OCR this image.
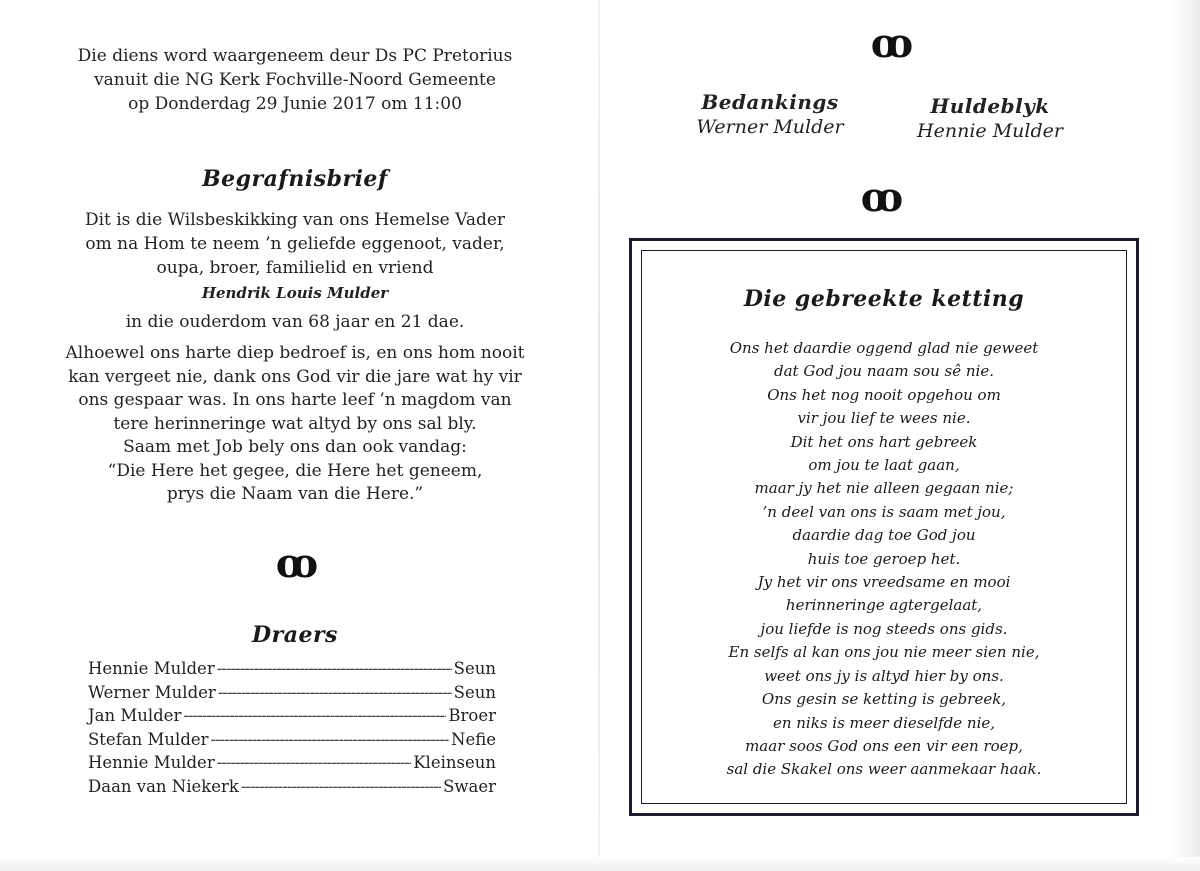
Die diens word waargeneem deur Ds PC Pretorius
vanuit die NG Kerk Fochville-Noord Gemeente
op Donderdag 29 Junie 2017 om 11:00
Begrafnisbrief
Dit is die Wilsbeskikking van ons Hemelse Vader
om na Hom te neem ’n geliefde eggenoot, vader,
oupa, broer, familielid en vriend
Hendrik Louis Mulder
in die ouderdom van 68 jaar en 21 dae.
Alhoewel ons harte diep bedroef is, en ons hom nooit
kan vergeet nie, dank ons God vir die jare wat hy vir
ons gespaar was. In ons harte leef ’n magdom van
tere herinneringe wat altyd by ons sal bly.
Saam met Job bely ons dan ook vandag:
“Die Here het gegee, die Here het geneem,
prys die Naam van die Here.”
ꝏ
Draers
Hennie Mulder -----	Seun
Werner Mulder -----	Seun
Jan Mulder -----	Broer
Stefan Mulder -----	Nefie
Hennie Mulder -----	Kleinseun
Daan van Niekerk -----	Swaer
ꝏ
Bedankings
Werner Mulder
Huldeblyk
Hennie Mulder
ꝏ
Die gebreekte ketting
Ons het daardie oggend glad nie geweet
dat God jou naam sou sê nie.
Ons het nog nooit opgehou om
vir jou lief te wees nie.
Dit het ons hart gebreek
om jou te laat gaan,
maar jy het nie alleen gegaan nie;
’n deel van ons is saam met jou,
daardie dag toe God jou
huis toe geroep het.
Jy het vir ons vreedsame en mooi
herinneringe agtergelaat,
jou liefde is nog steeds ons gids.
En selfs al kan ons jou nie meer sien nie,
weet ons jy is altyd hier by ons.
Ons gesin se ketting is gebreek,
en niks is meer dieselfde nie,
maar soos God ons een vir een roep,
sal die Skakel ons weer aanmekaar haak.
